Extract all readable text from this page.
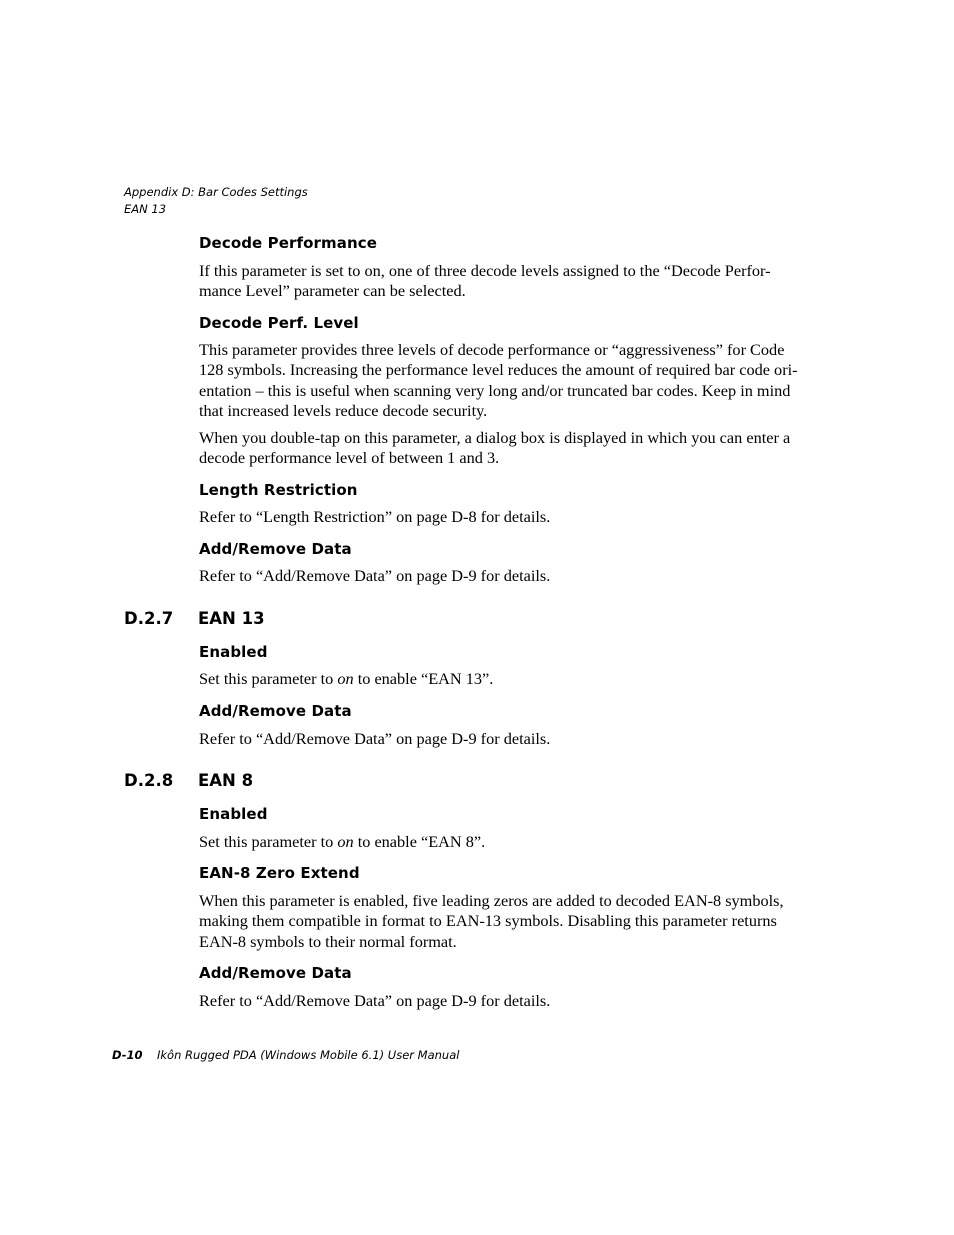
Appendix D: Bar Codes Settings
EAN 13
Decode Performance
If this parameter is set to on, one of three decode levels assigned to the “Decode Perfor-
mance Level” parameter can be selected.
Decode Perf. Level
This parameter provides three levels of decode performance or “aggressiveness” for Code
128 symbols. Increasing the performance level reduces the amount of required bar code ori-
entation – this is useful when scanning very long and/or truncated bar codes. Keep in mind
that increased levels reduce decode security.
When you double-tap on this parameter, a dialog box is displayed in which you can enter a
decode performance level of between 1 and 3.
Length Restriction
Refer to “Length Restriction” on page D-8 for details.
Add/Remove Data
Refer to “Add/Remove Data” on page D-9 for details.
D.2.7 EAN 13
Enabled
Set this parameter to on to enable “EAN 13”.
Add/Remove Data
Refer to “Add/Remove Data” on page D-9 for details.
D.2.8 EAN 8
Enabled
Set this parameter to on to enable “EAN 8”.
EAN-8 Zero Extend
When this parameter is enabled, five leading zeros are added to decoded EAN-8 symbols,
making them compatible in format to EAN-13 symbols. Disabling this parameter returns
EAN-8 symbols to their normal format.
Add/Remove Data
Refer to “Add/Remove Data” on page D-9 for details.
D-10 Ikôn Rugged PDA (Windows Mobile 6.1) User Manual
